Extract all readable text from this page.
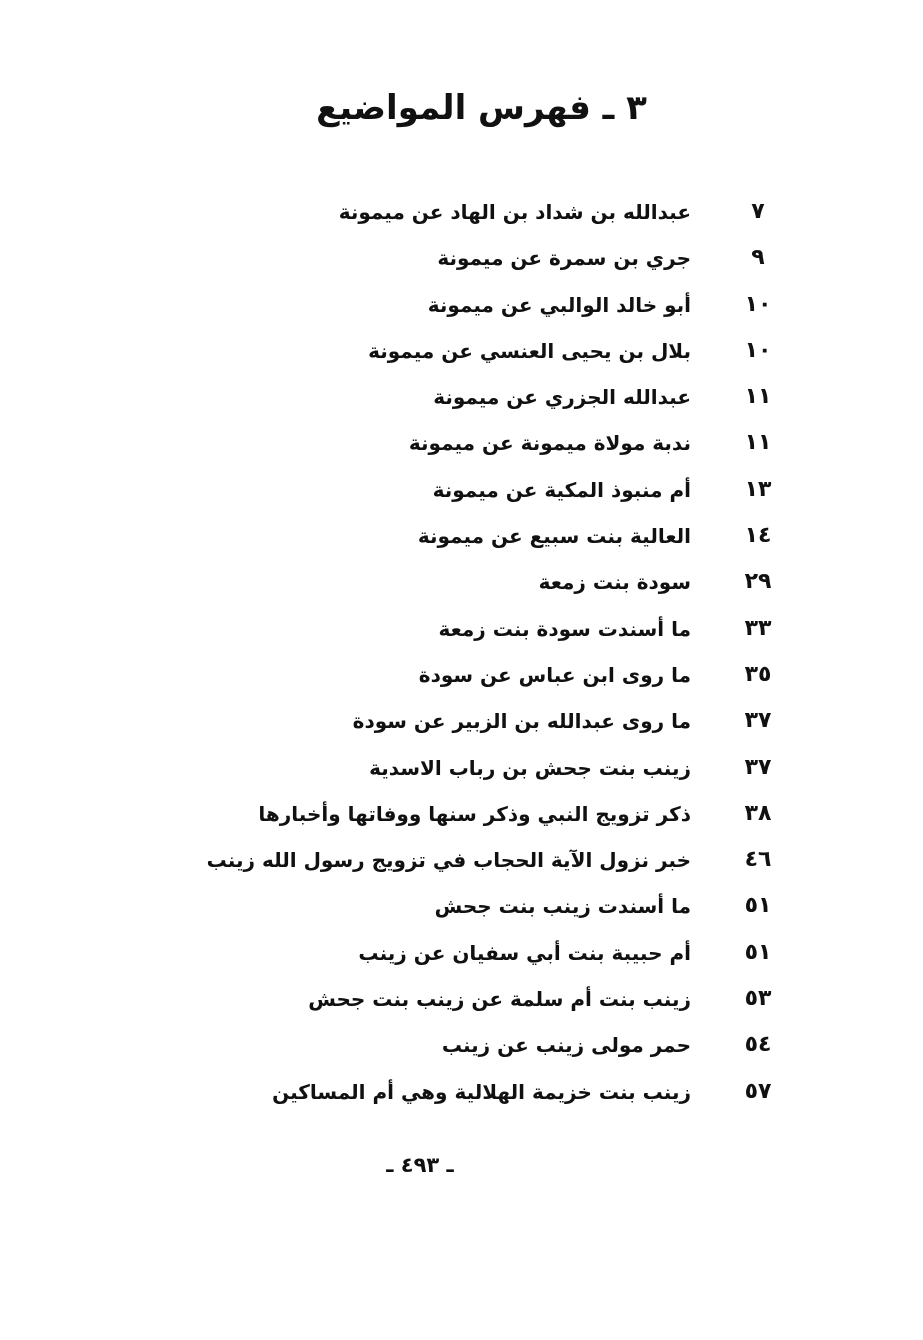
٣ ـ فهرس المواضيع
٧
عبدالله بن شداد بن الهاد عن ميمونة
٩
جري بن سمرة عن ميمونة
١٠
أبو خالد الوالبي عن ميمونة
١٠
بلال بن يحيى العنسي عن ميمونة
١١
عبدالله الجزري عن ميمونة
١١
ندبة مولاة ميمونة عن ميمونة
١٣
أم منبوذ المكية عن ميمونة
١٤
العالية بنت سبيع عن ميمونة
٢٩
سودة بنت زمعة
٣٣
ما أسندت سودة بنت زمعة
٣٥
ما روى ابن عباس عن سودة
٣٧
ما روى عبدالله بن الزبير عن سودة
٣٧
زينب بنت جحش بن رباب الاسدية
٣٨
ذكر تزويج النبي وذكر سنها ووفاتها وأخبارها
٤٦
خبر نزول الآية الحجاب في تزويج رسول الله زينب
٥١
ما أسندت زينب بنت جحش
٥١
أم حبيبة بنت أبي سفيان عن زينب
٥٣
زينب بنت أم سلمة عن زينب بنت جحش
٥٤
حمر مولى زينب عن زينب
٥٧
زينب بنت خزيمة الهلالية وهي أم المساكين
ـ ٤٩٣ ـ
